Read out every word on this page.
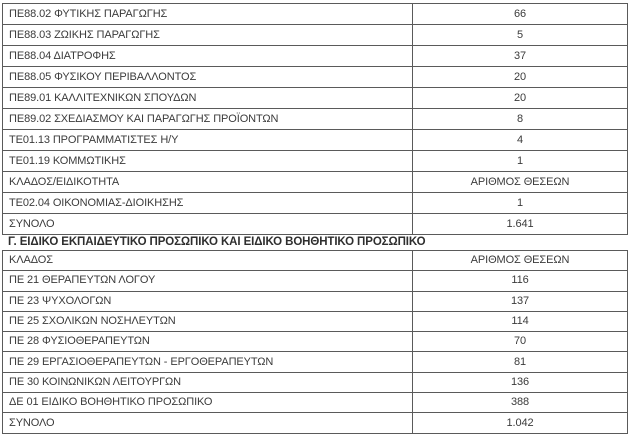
ΠΕ88.02 ΦΥΤΙΚΗΣ ΠΑΡΑΓΩΓΗΣ	66
ΠΕ88.03 ΖΩΙΚΗΣ ΠΑΡΑΓΩΓΗΣ	5
ΠΕ88.04 ΔΙΑΤΡΟΦΗΣ	37
ΠΕ88.05 ΦΥΣΙΚΟΥ ΠΕΡΙΒΑΛΛΟΝΤΟΣ	20
ΠΕ89.01 ΚΑΛΛΙΤΕΧΝΙΚΩΝ ΣΠΟΥΔΩΝ	20
ΠΕ89.02 ΣΧΕΔΙΑΣΜΟΥ ΚΑΙ ΠΑΡΑΓΩΓΗΣ ΠΡΟΪΟΝΤΩΝ	8
ΤΕ01.13 ΠΡΟΓΡΑΜΜΑΤΙΣΤΕΣ Η/Υ	4
ΤΕ01.19 ΚΟΜΜΩΤΙΚΗΣ	1
ΚΛΑΔΟΣ/ΕΙΔΙΚΟΤΗΤΑ	ΑΡΙΘΜΟΣ ΘΕΣΕΩΝ
ΤΕ02.04 ΟΙΚΟΝΟΜΙΑΣ-ΔΙΟΙΚΗΣΗΣ	1
ΣΥΝΟΛΟ	1.641
Γ. ΕΙΔΙΚΟ ΕΚΠΑΙΔΕΥΤΙΚΟ ΠΡΟΣΩΠΙΚΟ ΚΑΙ ΕΙΔΙΚΟ ΒΟΗΘΗΤΙΚΟ ΠΡΟΣΩΠΙΚΟ
ΚΛΑΔΟΣ	ΑΡΙΘΜΟΣ ΘΕΣΕΩΝ
ΠΕ 21 ΘΕΡΑΠΕΥΤΩΝ ΛΟΓΟΥ	116
ΠΕ 23 ΨΥΧΟΛΟΓΩΝ	137
ΠΕ 25 ΣΧΟΛΙΚΩΝ ΝΟΣΗΛΕΥΤΩΝ	114
ΠΕ 28 ΦΥΣΙΟΘΕΡΑΠΕΥΤΩΝ	70
ΠΕ 29 ΕΡΓΑΣΙΟΘΕΡΑΠΕΥΤΩΝ - ΕΡΓΟΘΕΡΑΠΕΥΤΩΝ	81
ΠΕ 30 ΚΟΙΝΩΝΙΚΩΝ ΛΕΙΤΟΥΡΓΩΝ	136
ΔΕ 01 ΕΙΔΙΚΟ ΒΟΗΘΗΤΙΚΟ ΠΡΟΣΩΠΙΚΟ	388
ΣΥΝΟΛΟ	1.042
